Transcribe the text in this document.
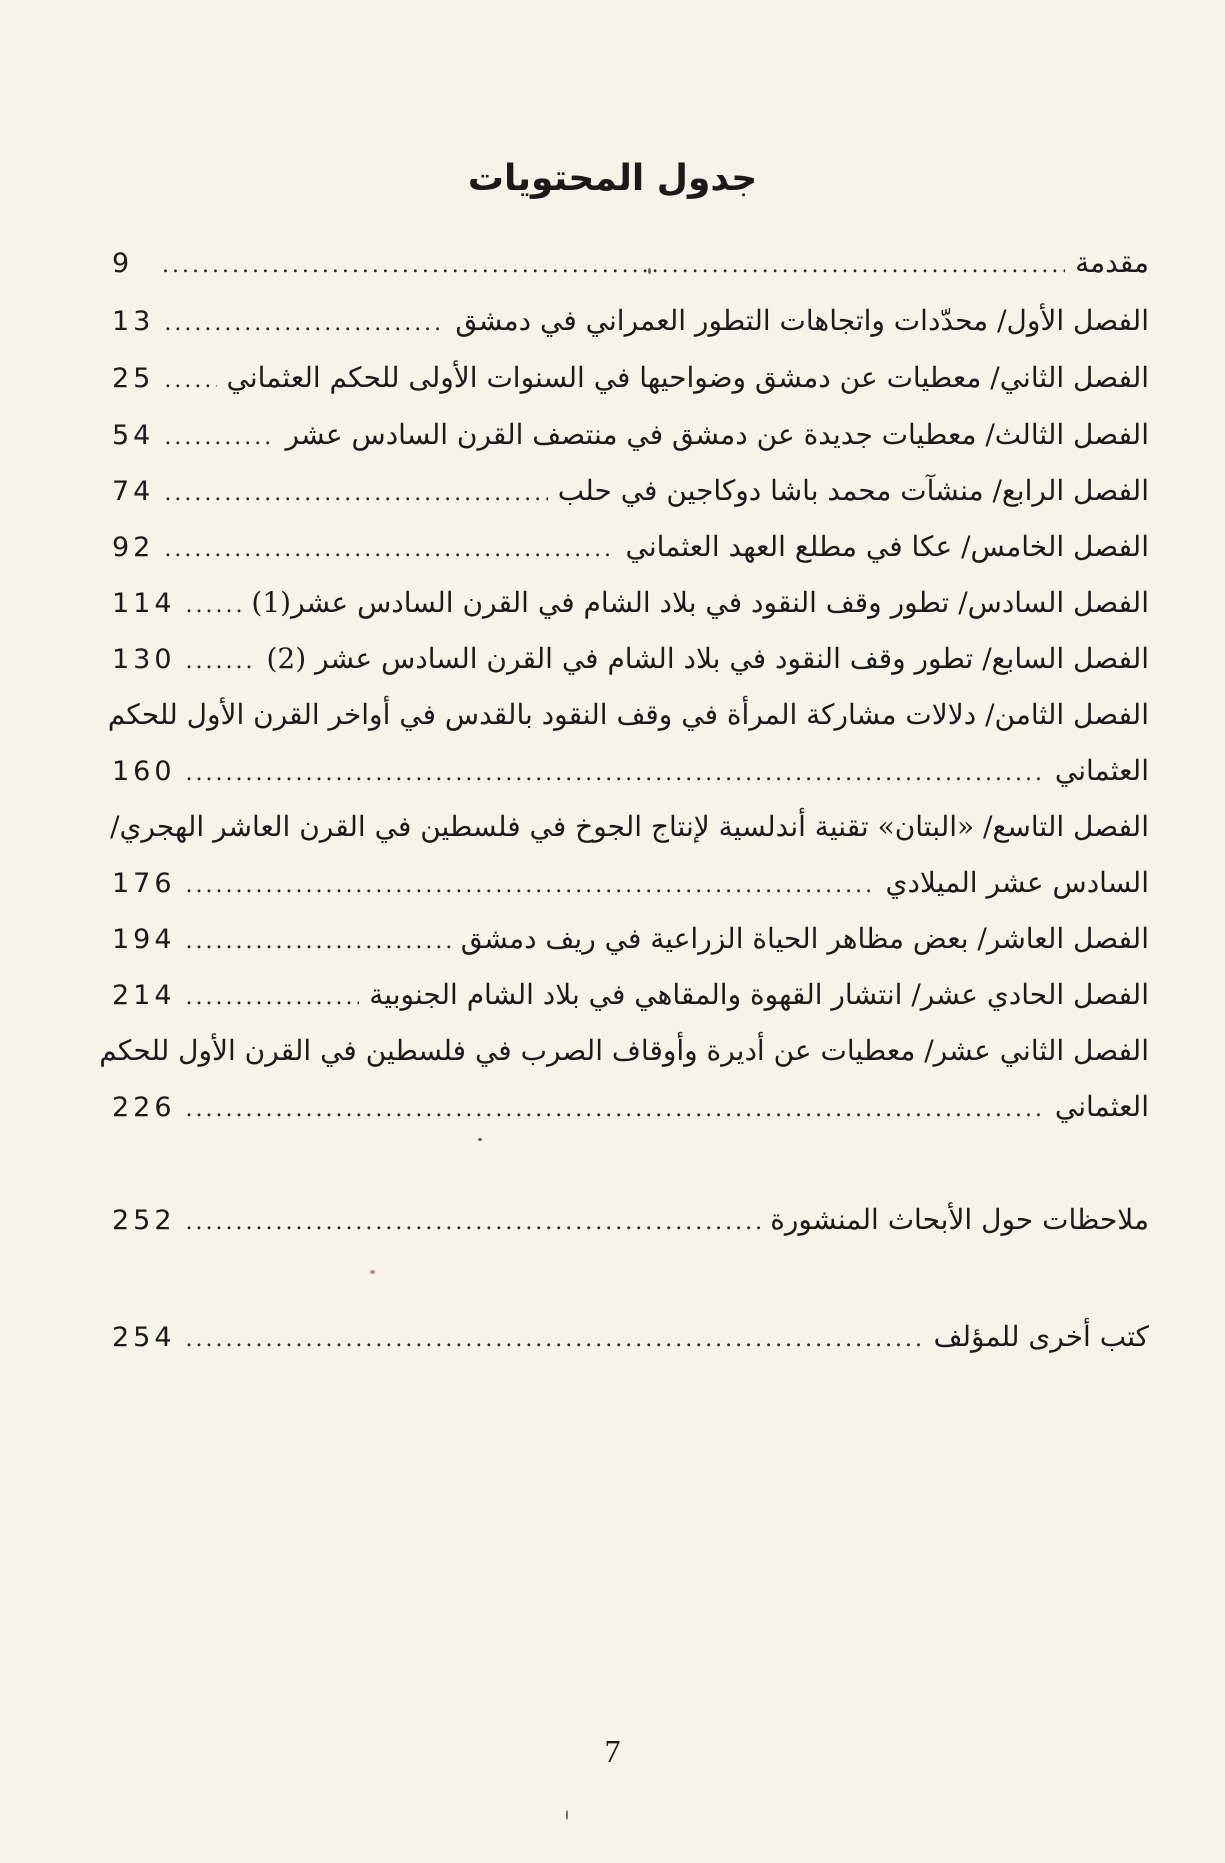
جدول المحتويات
مقدمة
.....
9
الفصل الأول/ محدّدات واتجاهات التطور العمراني في دمشق
.....
13
الفصل الثاني/ معطيات عن دمشق وضواحيها في السنوات الأولى للحكم العثماني
.....
25
الفصل الثالث/ معطيات جديدة عن دمشق في منتصف القرن السادس عشر
.....
54
الفصل الرابع/ منشآت محمد باشا دوكاجين في حلب
.....
74
الفصل الخامس/ عكا في مطلع العهد العثماني
.....
92
الفصل السادس/ تطور وقف النقود في بلاد الشام في القرن السادس عشر(1)
.....
114
الفصل السابع/ تطور وقف النقود في بلاد الشام في القرن السادس عشر (2)
.....
130
الفصل الثامن/ دلالات مشاركة المرأة في وقف النقود بالقدس في أواخر القرن الأول للحكم
العثماني
.....
160
الفصل التاسع/ «البتان» تقنية أندلسية لإنتاج الجوخ في فلسطين في القرن العاشر الهجري/
السادس عشر الميلادي
.....
176
الفصل العاشر/ بعض مظاهر الحياة الزراعية في ريف دمشق
.....
194
الفصل الحادي عشر/ انتشار القهوة والمقاهي في بلاد الشام الجنوبية
.....
214
الفصل الثاني عشر/ معطيات عن أديرة وأوقاف الصرب في فلسطين في القرن الأول للحكم
العثماني
.....
226
ملاحظات حول الأبحاث المنشورة
.....
252
كتب أخرى للمؤلف
.....
254
7
